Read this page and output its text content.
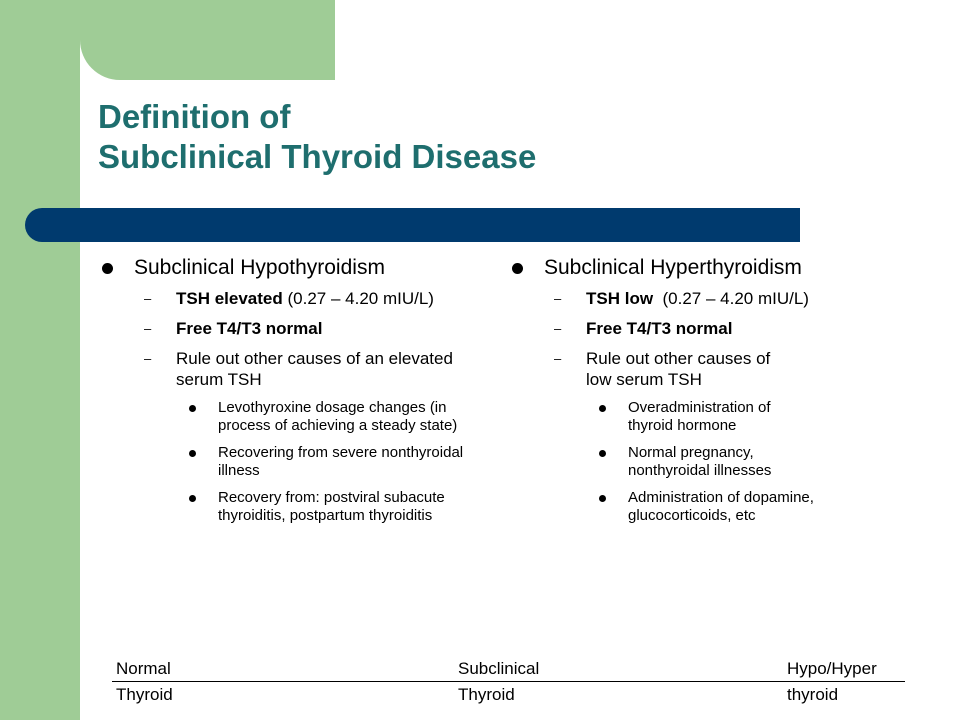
Definition of
Subclinical Thyroid Disease
Subclinical Hypothyroidism
– TSH elevated (0.27 – 4.20 mIU/L)
– Free T4/T3 normal
– Rule out other causes of an elevated serum TSH
Levothyroxine dosage changes (in process of achieving a steady state)
Recovering from severe nonthyroidal illness
Recovery from: postviral subacute thyroiditis, postpartum thyroiditis
Subclinical Hyperthyroidism
– TSH low  (0.27 – 4.20 mIU/L)
– Free T4/T3 normal
– Rule out other causes of low serum TSH
Overadministration of thyroid hormone
Normal pregnancy, nonthyroidal illnesses
Administration of dopamine, glucocorticoids, etc
Normal
Thyroid
Subclinical
Thyroid
Hypo/Hyper
thyroid
